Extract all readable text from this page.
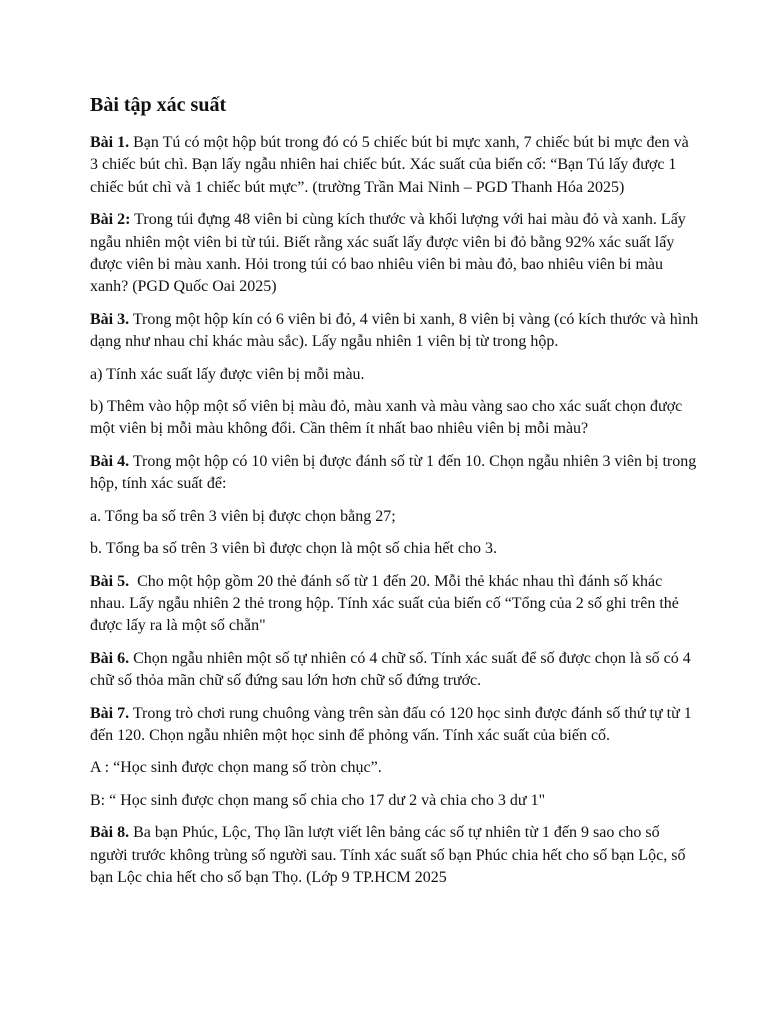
Bài tập xác suất

Bài 1. Bạn Tú có một hộp bút trong đó có 5 chiếc bút bi mực xanh, 7 chiếc bút bi mực đen và 3 chiếc bút chì. Bạn lấy ngẫu nhiên hai chiếc bút. Xác suất của biến cố: “Bạn Tú lấy được 1 chiếc bút chì và 1 chiếc bút mực”. (trường Trần Mai Ninh – PGD Thanh Hóa 2025)

Bài 2: Trong túi đựng 48 viên bi cùng kích thước và khối lượng với hai màu đỏ và xanh. Lấy ngẫu nhiên một viên bi từ túi. Biết rằng xác suất lấy được viên bi đỏ bằng 92% xác suất lấy được viên bi màu xanh. Hỏi trong túi có bao nhiêu viên bi màu đỏ, bao nhiêu viên bi màu xanh? (PGD Quốc Oai 2025)

Bài 3. Trong một hộp kín có 6 viên bi đỏ, 4 viên bi xanh, 8 viên bị vàng (có kích thước và hình dạng như nhau chỉ khác màu sắc). Lấy ngẫu nhiên 1 viên bị từ trong hộp.

a) Tính xác suất lấy được viên bị mỗi màu.

b) Thêm vào hộp một số viên bị màu đỏ, màu xanh và màu vàng sao cho xác suất chọn được một viên bị mỗi màu không đổi. Cần thêm ít nhất bao nhiêu viên bị mỗi màu?

Bài 4. Trong một hộp có 10 viên bị được đánh số từ 1 đến 10. Chọn ngẫu nhiên 3 viên bị trong hộp, tính xác suất để:

a. Tổng ba số trên 3 viên bị được chọn bằng 27;

b. Tổng ba số trên 3 viên bì được chọn là một số chia hết cho 3.

Bài 5.  Cho một hộp gồm 20 thẻ đánh số từ 1 đến 20. Mỗi thẻ khác nhau thì đánh số khác nhau. Lấy ngẫu nhiên 2 thẻ trong hộp. Tính xác suất của biến cố “Tổng của 2 số ghi trên thẻ được lấy ra là một số chẵn"

Bài 6. Chọn ngẫu nhiên một số tự nhiên có 4 chữ số. Tính xác suất để số được chọn là số có 4 chữ số thỏa mãn chữ số đứng sau lớn hơn chữ số đứng trước.

Bài 7. Trong trò chơi rung chuông vàng trên sàn đấu có 120 học sinh được đánh số thứ tự từ 1 đến 120. Chọn ngẫu nhiên một học sinh để phỏng vấn. Tính xác suất của biến cố.

A : “Học sinh được chọn mang số tròn chục”.

B: “ Học sinh được chọn mang số chia cho 17 dư 2 và chia cho 3 dư 1"

Bài 8. Ba bạn Phúc, Lộc, Thọ lần lượt viết lên bảng các số tự nhiên từ 1 đến 9 sao cho số người trước không trùng số người sau. Tính xác suất số bạn Phúc chia hết cho số bạn Lộc, số bạn Lộc chia hết cho số bạn Thọ. (Lớp 9 TP.HCM 2025
